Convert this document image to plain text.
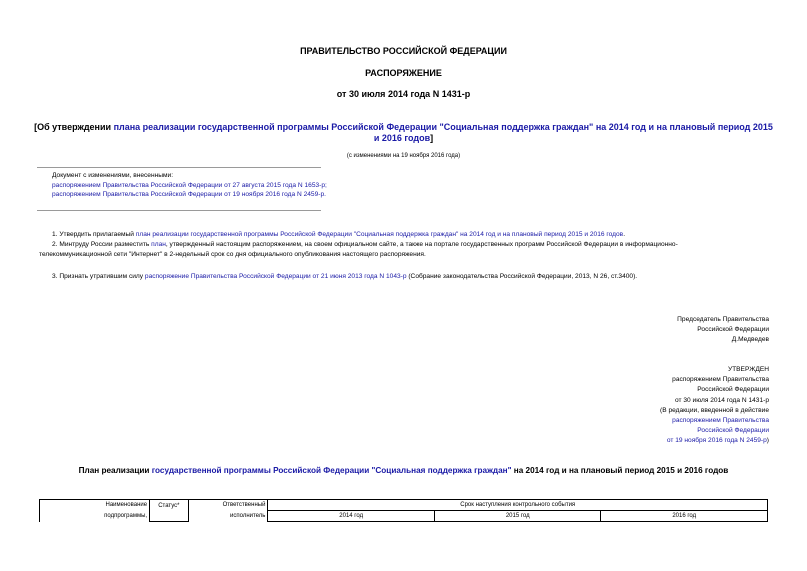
ПРАВИТЕЛЬСТВО РОССИЙСКОЙ ФЕДЕРАЦИИ
РАСПОРЯЖЕНИЕ
от 30 июля 2014 года N 1431-р
[Об утверждении плана реализации государственной программы Российской Федерации "Социальная поддержка граждан" на 2014 год и на плановый период 2015
и 2016 годов]
(с изменениями на 19 ноября 2016 года)
Документ с изменениями, внесенными:
распоряжением Правительства Российской Федерации от 27 августа 2015 года N 1653-р;
распоряжением Правительства Российской Федерации от 19 ноября 2016 года N 2459-р.
1. Утвердить прилагаемый план реализации государственной программы Российской Федерации "Социальная поддержка граждан" на 2014 год и на плановый период 2015 и 2016 годов.
2. Минтруду России разместить план, утвержденный настоящим распоряжением, на своем официальном сайте, а также на портале государственных программ Российской Федерации в информационно-
телекоммуникационной сети "Интернет" в 2-недельный срок со дня официального опубликования настоящего распоряжения.
3. Признать утратившим силу распоряжение Правительства Российской Федерации от 21 июня 2013 года N 1043-р (Собрание законодательства Российской Федерации, 2013, N 26, ст.3400).
Председатель Правительства
Российской Федерации
Д.Медведев
УТВЕРЖДЕН
распоряжением Правительства
Российской Федерации
от 30 июля 2014 года N 1431-р
(В редакции, введенной в действие
распоряжением Правительства
Российской Федерации
от 19 ноября 2016 года N 2459-р)
План реализации государственной программы Российской Федерации "Социальная поддержка граждан" на 2014 год и на плановый период 2015 и 2016 годов
Наименование	Статус*	Ответственный	Срок наступления контрольного события		
подпрограммы,		исполнитель	2014 год	2015 год	2016 год
